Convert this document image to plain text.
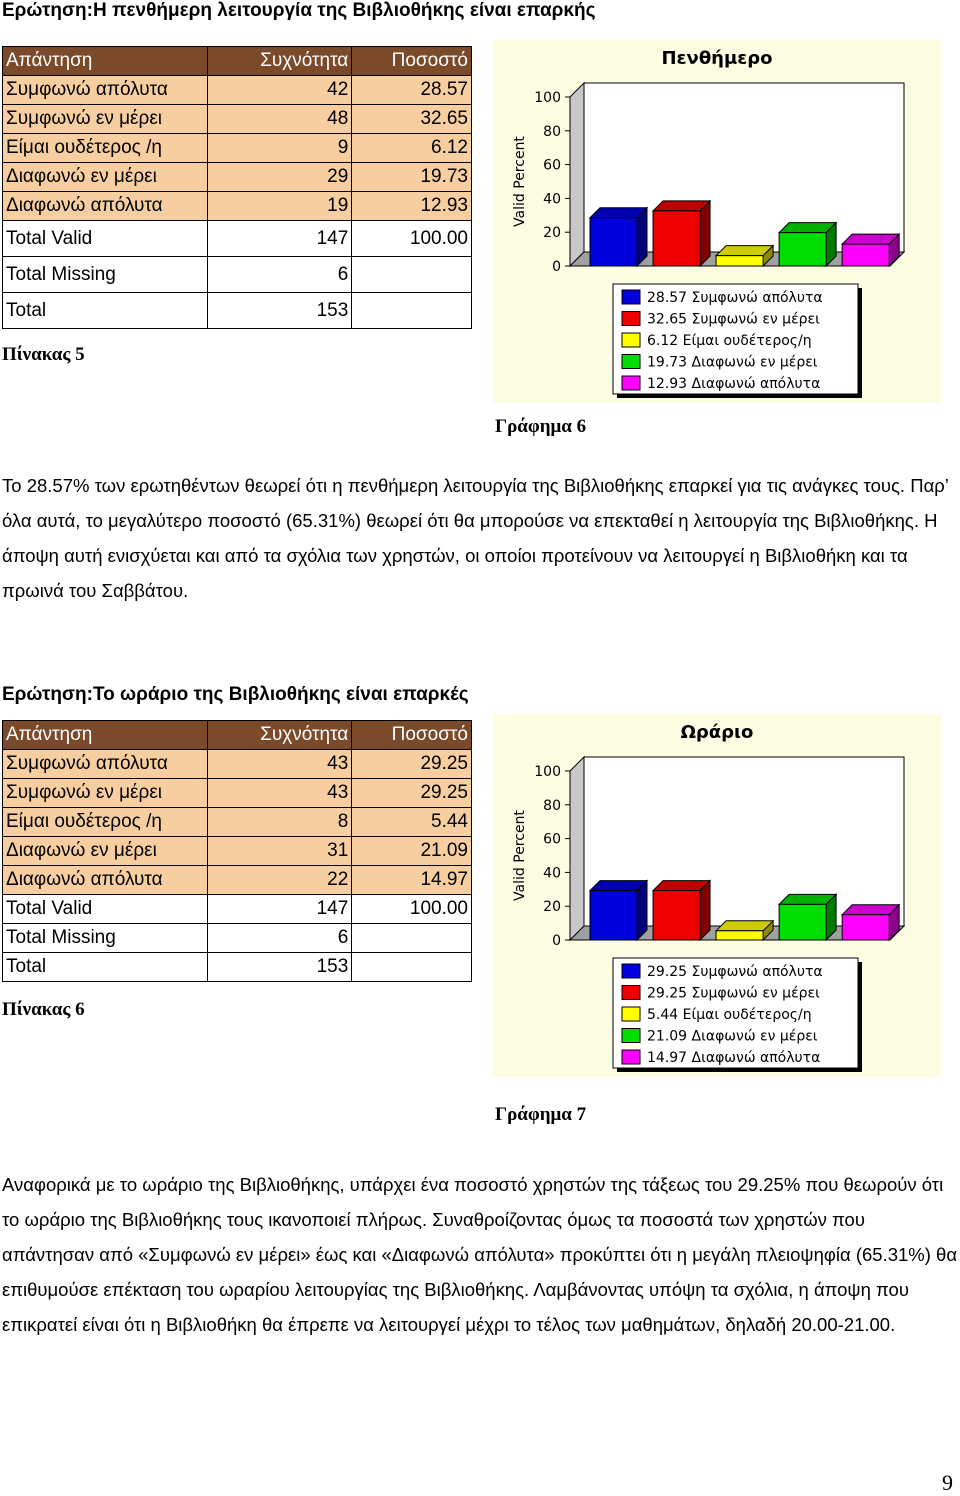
Ερώτηση:Η πενθήμερη λειτουργία της Βιβλιοθήκης είναι επαρκής
Απάντηση	Συχνότητα	Ποσοστό
Συμφωνώ απόλυτα	42	28.57
Συμφωνώ εν μέρει	48	32.65
Είμαι ουδέτερος /η	9	6.12
Διαφωνώ εν μέρει	29	19.73
Διαφωνώ απόλυτα	19	12.93
Total Valid	147	100.00
Total Missing	6	
Total	153	
Πίνακας 5
Πενθήμερο
0
20
40
60
80
100
Valid Percent
28.57 Συμφωνώ απόλυτα
32.65 Συμφωνώ εν μέρει
6.12 Είμαι ουδέτερος/η
19.73 Διαφωνώ εν μέρει
12.93 Διαφωνώ απόλυτα
Γράφημα 6
Το 28.57% των ερωτηθέντων θεωρεί ότι η πενθήμερη λειτουργία της Βιβλιοθήκης επαρκεί για τις ανάγκες τους. Παρ’ όλα αυτά, το μεγαλύτερο ποσοστό (65.31%) θεωρεί ότι θα μπορούσε να επεκταθεί η λειτουργία της Βιβλιοθήκης. Η άποψη αυτή ενισχύεται και από τα σχόλια των χρηστών, οι οποίοι προτείνουν να λειτουργεί η Βιβλιοθήκη και τα πρωινά του Σαββάτου.
Ερώτηση:Το ωράριο της Βιβλιοθήκης είναι επαρκές
Απάντηση	Συχνότητα	Ποσοστό
Συμφωνώ απόλυτα	43	29.25
Συμφωνώ εν μέρει	43	29.25
Είμαι ουδέτερος /η	8	5.44
Διαφωνώ εν μέρει	31	21.09
Διαφωνώ απόλυτα	22	14.97
Total Valid	147	100.00
Total Missing	6	
Total	153	
Πίνακας 6
Ωράριο
0
20
40
60
80
100
Valid Percent
29.25 Συμφωνώ απόλυτα
29.25 Συμφωνώ εν μέρει
5.44 Είμαι ουδέτερος/η
21.09 Διαφωνώ εν μέρει
14.97 Διαφωνώ απόλυτα
Γράφημα 7
Αναφορικά με το ωράριο της Βιβλιοθήκης, υπάρχει ένα ποσοστό χρηστών της τάξεως του 29.25% που θεωρούν ότι το ωράριο της Βιβλιοθήκης τους ικανοποιεί πλήρως. Συναθροίζοντας όμως τα ποσοστά των χρηστών που απάντησαν από «Συμφωνώ εν μέρει» έως και «Διαφωνώ απόλυτα» προκύπτει ότι η μεγάλη πλειοψηφία (65.31%) θα επιθυμούσε επέκταση του ωραρίου λειτουργίας της Βιβλιοθήκης. Λαμβάνοντας υπόψη τα σχόλια, η άποψη που επικρατεί είναι ότι η Βιβλιοθήκη θα έπρεπε να λειτουργεί μέχρι το τέλος των μαθημάτων, δηλαδή 20.00-21.00.
9
